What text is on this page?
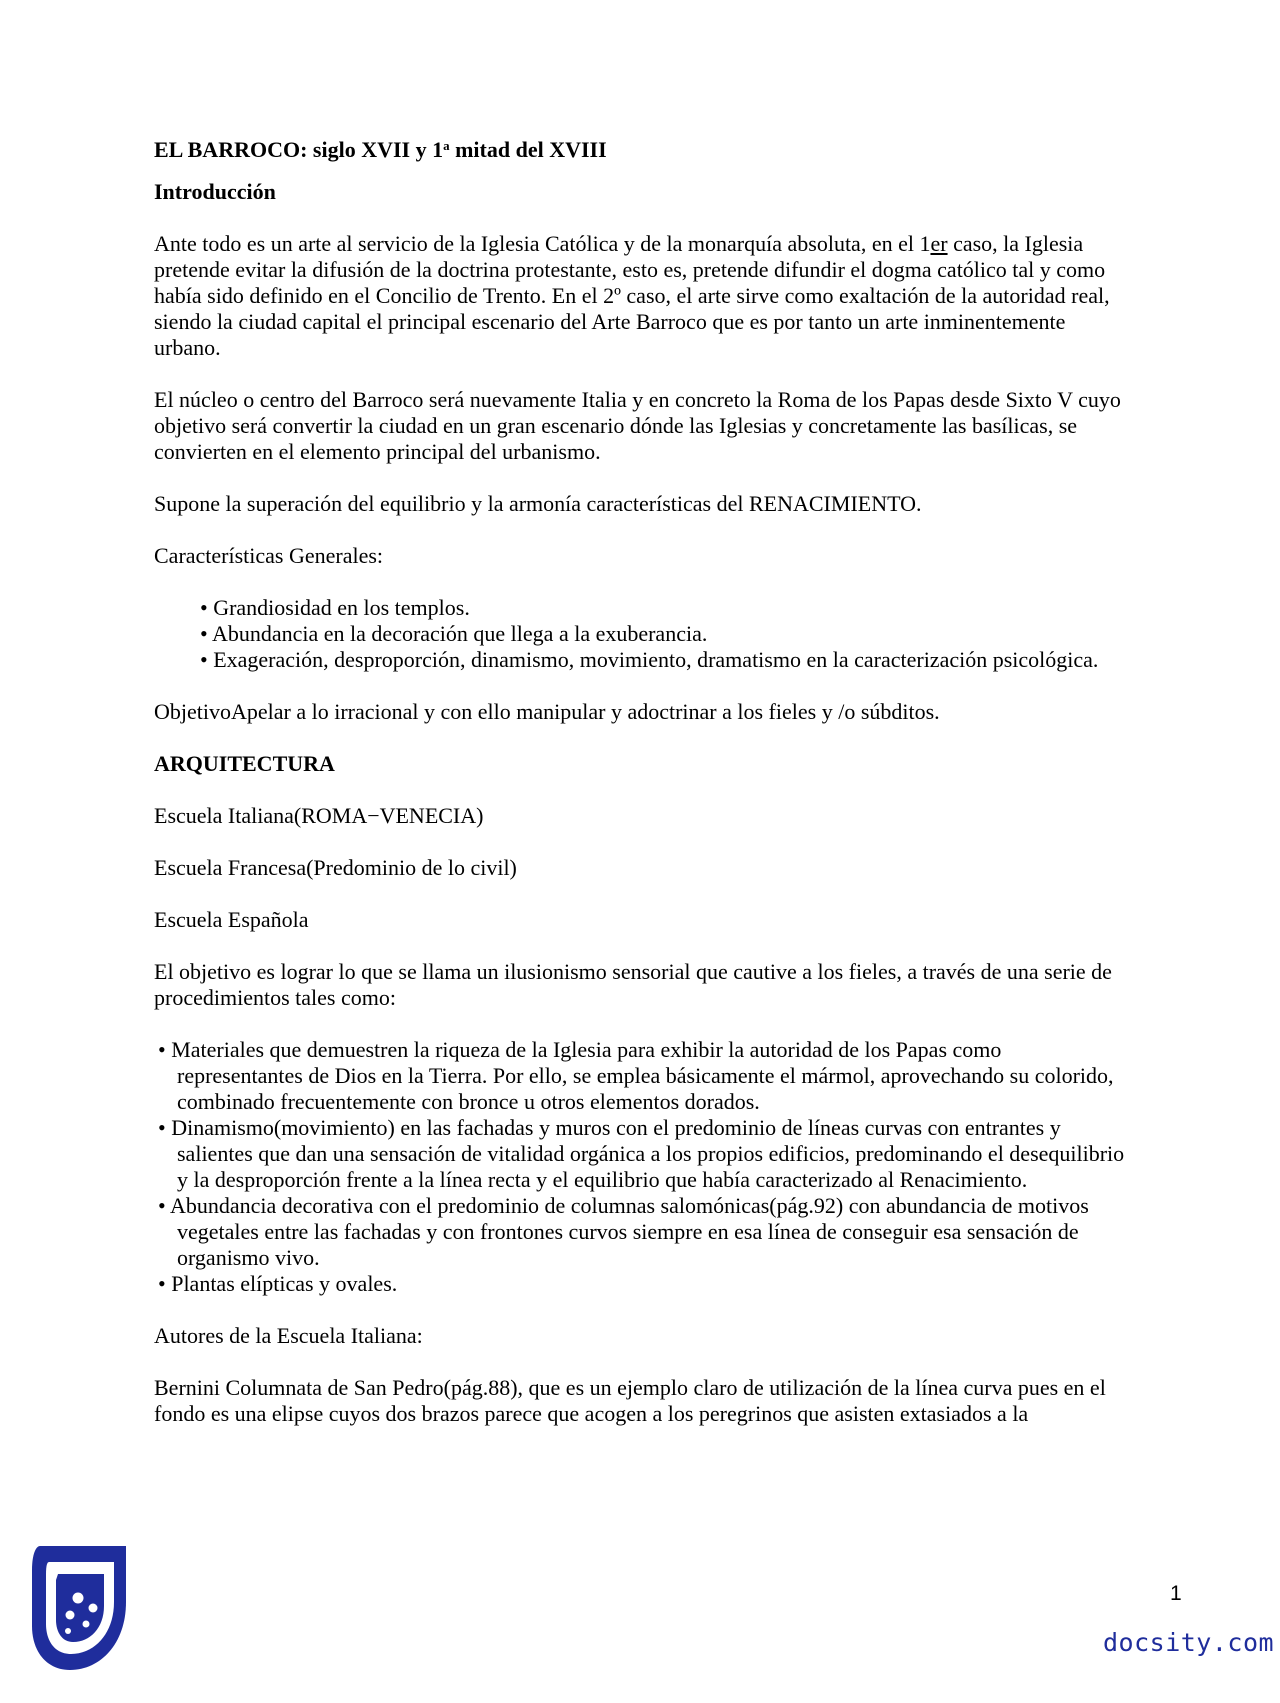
EL BARROCO: siglo XVII y 1$^a$ mitad del XVIII

Introducción

Ante todo es un arte al servicio de la Iglesia Católica y de la monarquía absoluta, en el 1er caso, la Iglesia

pretende evitar la difusión de la doctrina protestante, esto es, pretende difundir el dogma católico tal y como

había sido definido en el Concilio de Trento. En el 2º caso, el arte sirve como exaltación de la autoridad real,

siendo la ciudad capital el principal escenario del Arte Barroco que es por tanto un arte inminentemente

urbano.

El núcleo o centro del Barroco será nuevamente Italia y en concreto la Roma de los Papas desde Sixto V cuyo

objetivo será convertir la ciudad en un gran escenario dónde las Iglesias y concretamente las basílicas, se

convierten en el elemento principal del urbanismo.

Supone la superación del equilibrio y la armonía características del RENACIMIENTO.

Características Generales:

• Grandiosidad en los templos.

• Abundancia en la decoración que llega a la exuberancia.

• Exageración, desproporción, dinamismo, movimiento, dramatismo en la caracterización psicológica.

ObjetivoApelar a lo irracional y con ello manipular y adoctrinar a los fieles y /o súbditos.

ARQUITECTURA

Escuela Italiana(ROMA−VENECIA)

Escuela Francesa(Predominio de lo civil)

Escuela Española

El objetivo es lograr lo que se llama un ilusionismo sensorial que cautive a los fieles, a través de una serie de

procedimientos tales como:

• Materiales que demuestren la riqueza de la Iglesia para exhibir la autoridad de los Papas como

representantes de Dios en la Tierra. Por ello, se emplea básicamente el mármol, aprovechando su colorido,

combinado frecuentemente con bronce u otros elementos dorados.

• Dinamismo(movimiento) en las fachadas y muros con el predominio de líneas curvas con entrantes y

salientes que dan una sensación de vitalidad orgánica a los propios edificios, predominando el desequilibrio

y la desproporción frente a la línea recta y el equilibrio que había caracterizado al Renacimiento.

• Abundancia decorativa con el predominio de columnas salomónicas(pág.92) con abundancia de motivos

vegetales entre las fachadas y con frontones curvos siempre en esa línea de conseguir esa sensación de

organismo vivo.

• Plantas elípticas y ovales.

Autores de la Escuela Italiana:

Bernini Columnata de San Pedro(pág.88), que es un ejemplo claro de utilización de la línea curva pues en el

fondo es una elipse cuyos dos brazos parece que acogen a los peregrinos que asisten extasiados a la

1
docsity.com
